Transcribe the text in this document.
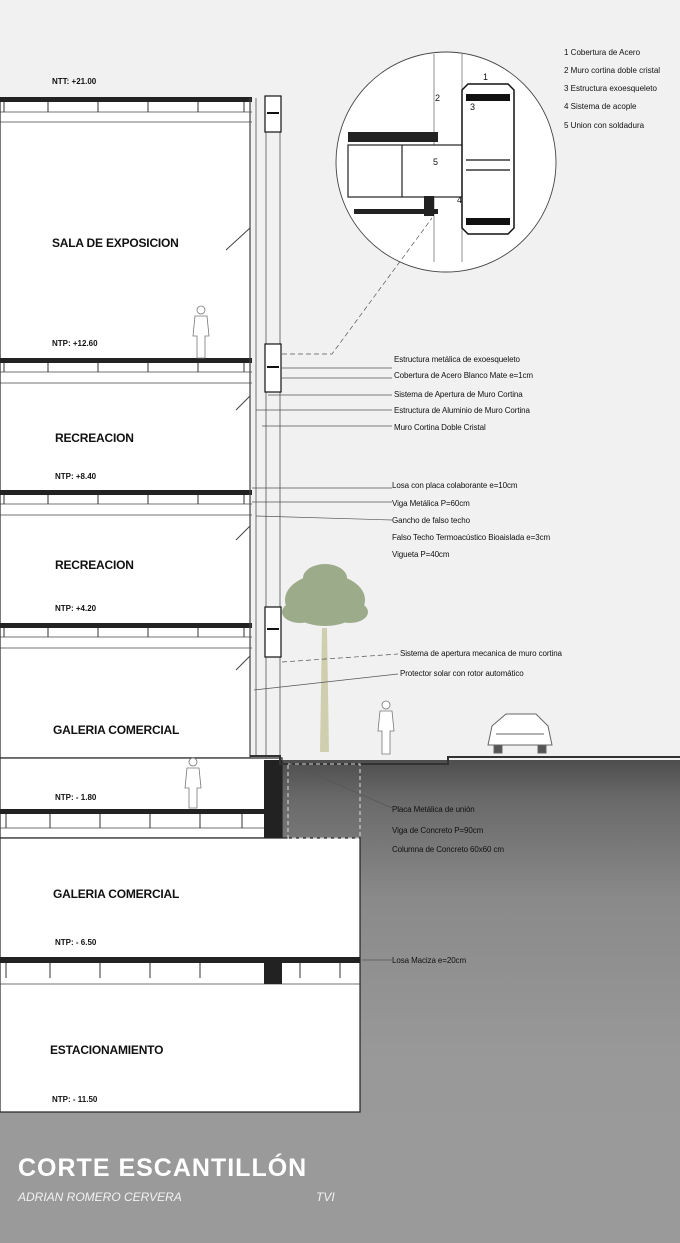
1 Cobertura de Acero
2 Muro cortina doble cristal
3 Estructura exoesqueleto
4 Sistema de acople
5 Union con soldadura
1
2
3
4
5
NTT: +21.00
NTP: +12.60
NTP: +8.40
NTP: +4.20
NTP: - 1.80
NTP: - 6.50
NTP: - 11.50
SALA DE EXPOSICION
RECREACION
RECREACION
GALERIA COMERCIAL
GALERIA COMERCIAL
ESTACIONAMIENTO
Estructura metálica de exoesqueleto
Cobertura de Acero Blanco Mate e=1cm
Sistema de Apertura de Muro Cortina
Estructura de Aluminio de Muro Cortina
Muro Cortina Doble Cristal
Losa con placa colaborante e=10cm
Viga Metálica P=60cm
Gancho de falso techo
Falso Techo Termoacústico Bioaislada e=3cm
Vigueta P=40cm
Sistema de apertura mecanica de muro cortina
Protector solar con rotor automático
Placa Metálica de unión
Viga de Concreto P=90cm
Columna de Concreto 60x60 cm
Losa Maciza e=20cm
CORTE ESCANTILLÓN
ADRIAN ROMERO CERVERA	TVI
